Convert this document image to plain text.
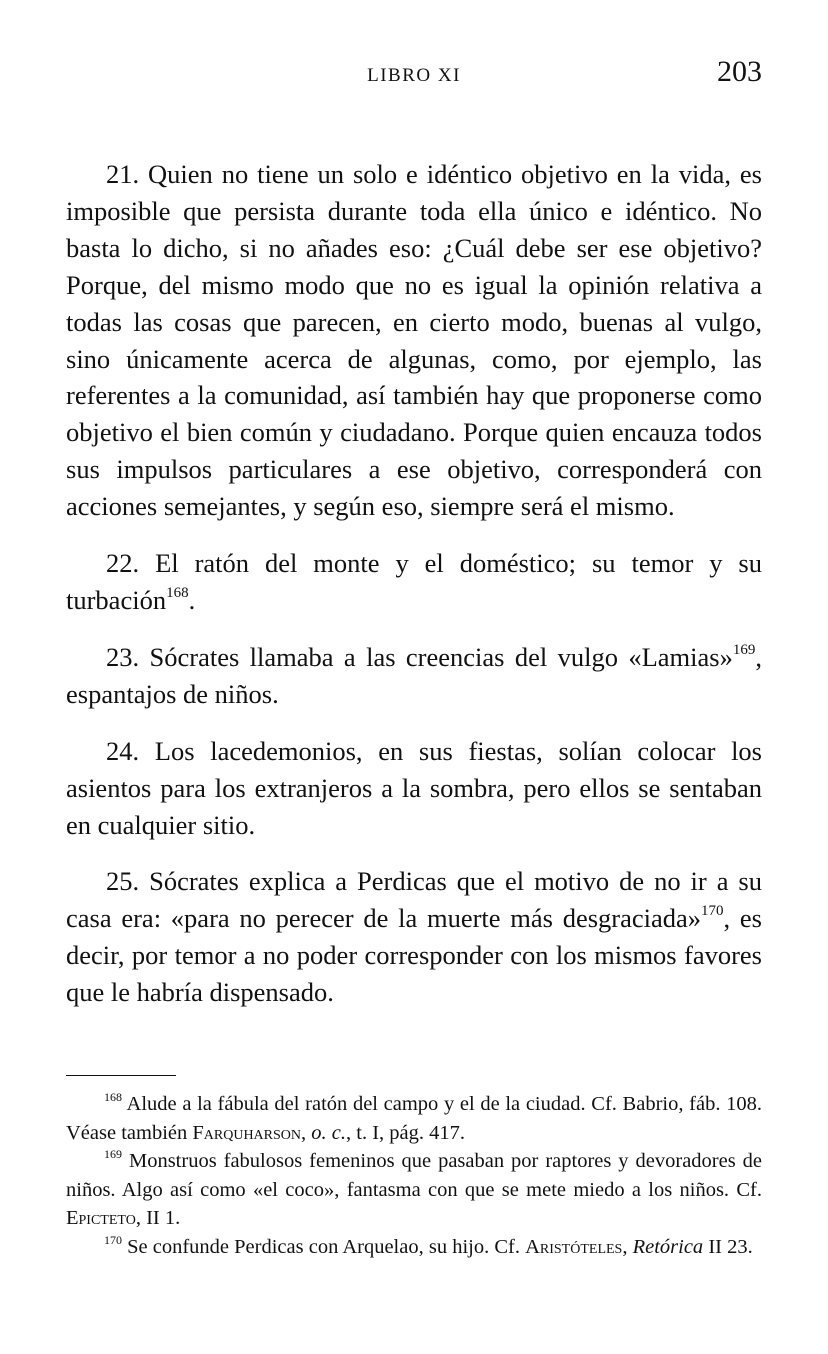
LIBRO XI	203

21. Quien no tiene un solo e idéntico objetivo en la vida, es imposible que persista durante toda ella único e idéntico. No basta lo dicho, si no añades eso: ¿Cuál debe ser ese objetivo? Porque, del mismo modo que no es igual la opinión relativa a todas las cosas que parecen, en cierto modo, buenas al vulgo, sino únicamente acerca de algunas, como, por ejemplo, las referentes a la comunidad, así también hay que proponerse como objetivo el bien común y ciudadano. Porque quien encauza todos sus impulsos particulares a ese objetivo, corresponderá con acciones semejantes, y según eso, siempre será el mismo.

22. El ratón del monte y el doméstico; su temor y su turbación$^{168}$.

23. Sócrates llamaba a las creencias del vulgo «Lamias»$^{169}$, espantajos de niños.

24. Los lacedemonios, en sus fiestas, solían colocar los asientos para los extranjeros a la sombra, pero ellos se sentaban en cualquier sitio.

25. Sócrates explica a Perdicas que el motivo de no ir a su casa era: «para no perecer de la muerte más desgraciada»$^{170}$, es decir, por temor a no poder corresponder con los mismos favores que le habría dispensado.

$^{168}$ Alude a la fábula del ratón del campo y el de la ciudad. Cf. Babrio, fáb. 108. Véase también Farquharson, o. c., t. I, pág. 417.

$^{169}$ Monstruos fabulosos femeninos que pasaban por raptores y devoradores de niños. Algo así como «el coco», fantasma con que se mete miedo a los niños. Cf. Epicteto, II 1.

$^{170}$ Se confunde Perdicas con Arquelao, su hijo. Cf. Aristóteles, Retórica II 23.
